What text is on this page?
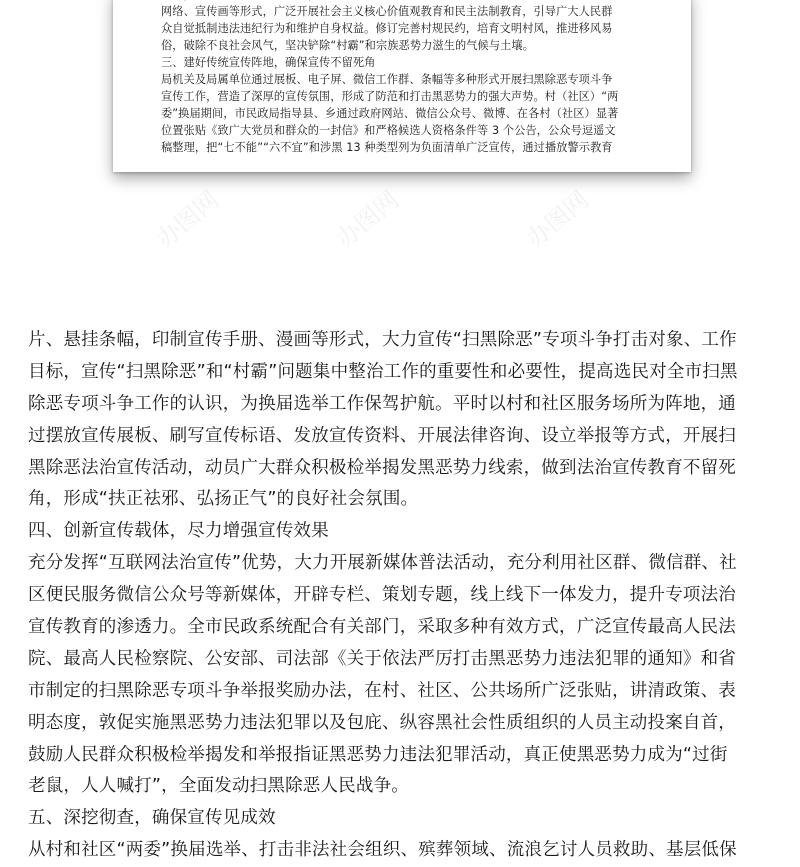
办图网	办图网	办图网
网络、宣传画等形式，广泛开展社会主义核心价值观教育和民主法制教育，引导广大人民群
众自觉抵制违法违纪行为和维护自身权益。修订完善村规民约，培育文明村风，推进移风易
俗，破除不良社会风气，坚决铲除“村霸”和宗族恶势力滋生的气候与土壤。
三、建好传统宣传阵地，确保宣传不留死角
局机关及局属单位通过展板、电子屏、微信工作群、条幅等多种形式开展扫黑除恶专项斗争
宣传工作，营造了深厚的宣传氛围，形成了防范和打击黑恶势力的强大声势。村（社区）“两
委”换届期间，市民政局指导县、乡通过政府网站、微信公众号、微博、在各村（社区）显著
位置张贴《致广大党员和群众的一封信》和严格候选人资格条件等 3 个公告，公众号逗遥文
稿整理，把“七不能”“六不宜”和涉黑 13 种类型列为负面清单广泛宣传，通过播放警示教育
片、悬挂条幅，印制宣传手册、漫画等形式，大力宣传“扫黑除恶”专项斗争打击对象、工作
目标，宣传“扫黑除恶”和“村霸”问题集中整治工作的重要性和必要性，提高选民对全市扫黑
除恶专项斗争工作的认识，为换届选举工作保驾护航。平时以村和社区服务场所为阵地，通
过摆放宣传展板、刷写宣传标语、发放宣传资料、开展法律咨询、设立举报等方式，开展扫
黑除恶法治宣传活动，动员广大群众积极检举揭发黑恶势力线索，做到法治宣传教育不留死
角，形成“扶正祛邪、弘扬正气”的良好社会氛围。
四、创新宣传载体，尽力增强宣传效果
充分发挥“互联网法治宣传”优势，大力开展新媒体普法活动，充分利用社区群、微信群、社
区便民服务微信公众号等新媒体，开辟专栏、策划专题，线上线下一体发力，提升专项法治
宣传教育的渗透力。全市民政系统配合有关部门，采取多种有效方式，广泛宣传最高人民法
院、最高人民检察院、公安部、司法部《关于依法严厉打击黑恶势力违法犯罪的通知》和省
市制定的扫黑除恶专项斗争举报奖励办法，在村、社区、公共场所广泛张贴，讲清政策、表
明态度，敦促实施黑恶势力违法犯罪以及包庇、纵容黑社会性质组织的人员主动投案自首，
鼓励人民群众积极检举揭发和举报指证黑恶势力违法犯罪活动，真正使黑恶势力成为“过街
老鼠，人人喊打”，全面发动扫黑除恶人民战争。
五、深挖彻查，确保宣传见成效
从村和社区“两委”换届选举、打击非法社会组织、殡葬领域、流浪乞讨人员救助、基层低保
